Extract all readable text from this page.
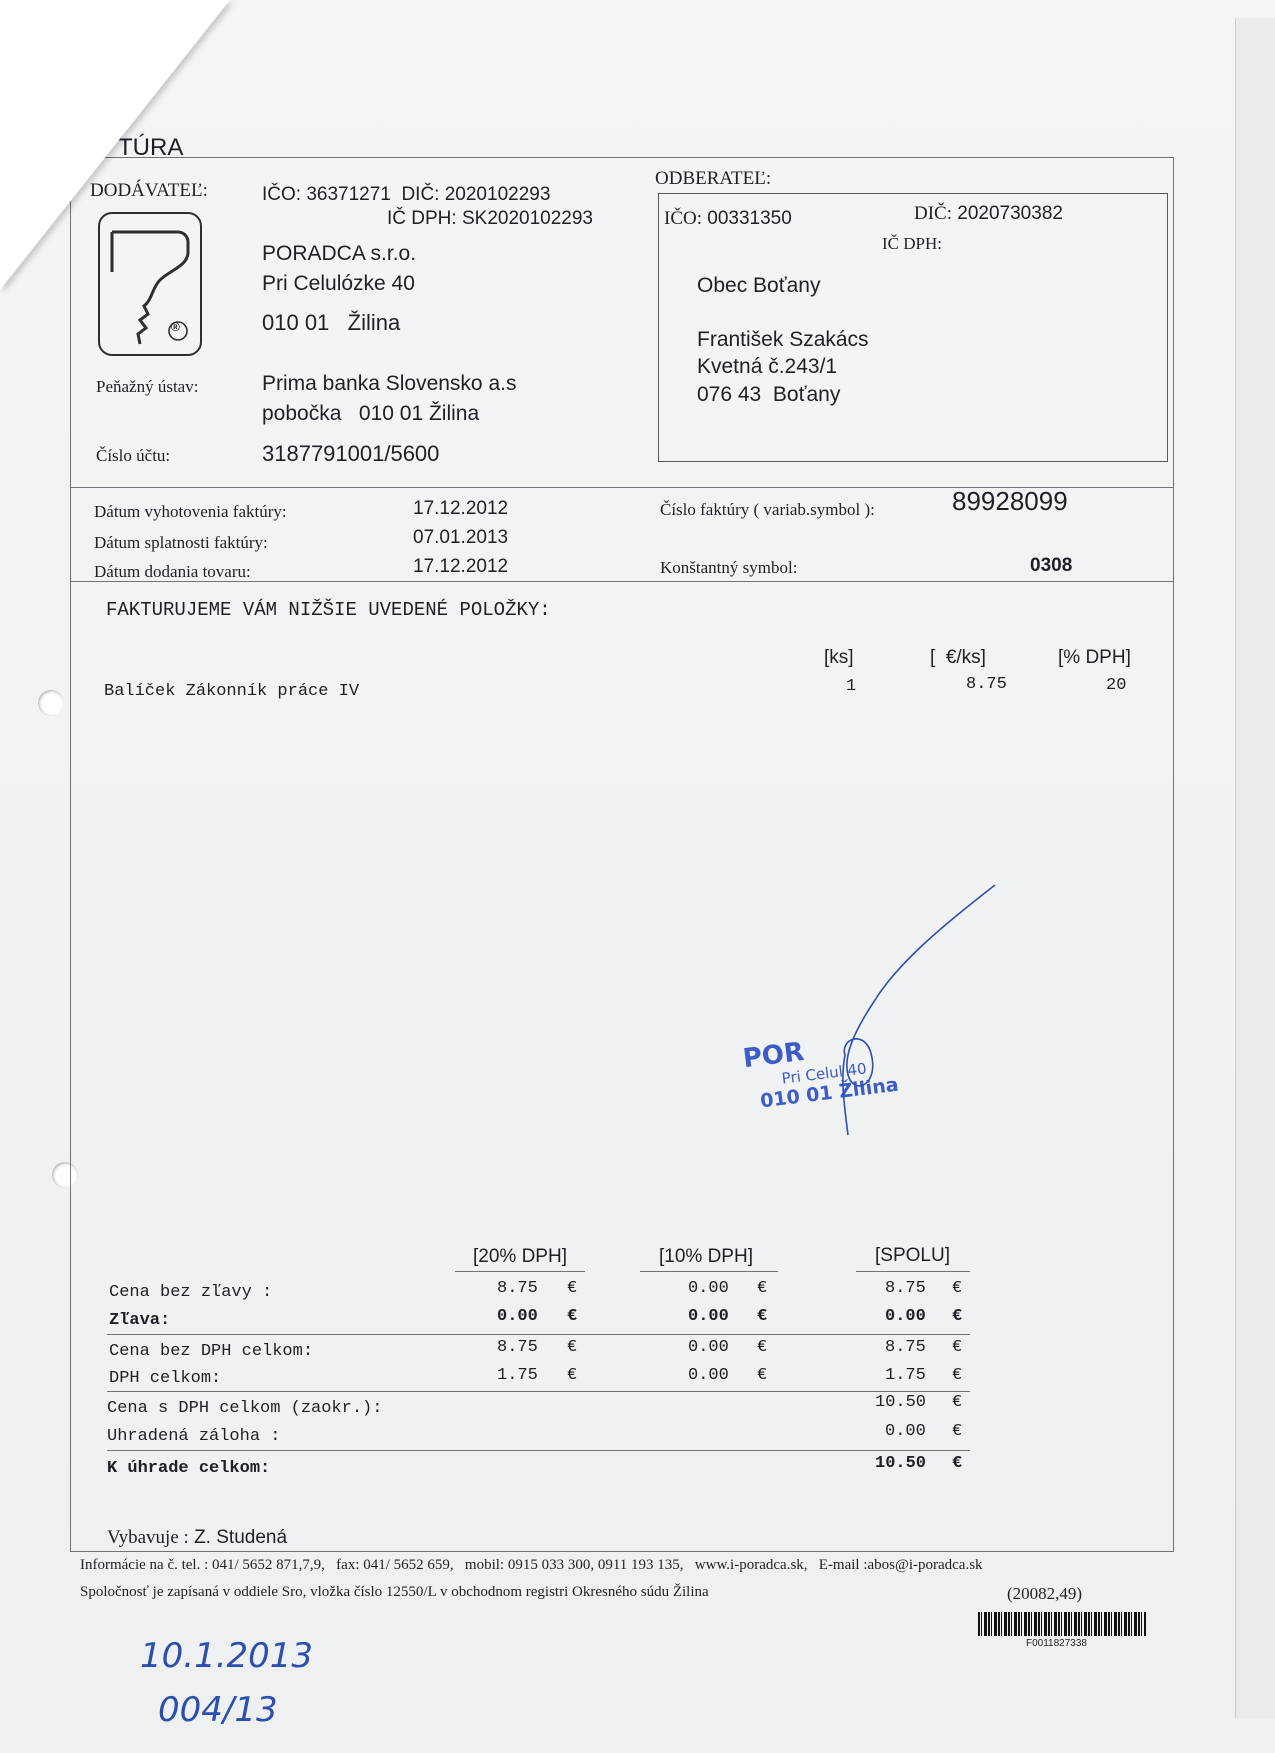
TÚRA
DODÁVATEĽ:	IČO: 36371271 DIČ: 2020102293
IČ DPH: SK2020102293
®
PORADCA s.r.o.
Pri Celulózke 40
010 01   Žilina
Peňažný ústav:	Prima banka Slovensko a.s
pobočka   010 01 Žilina
Číslo účtu:	3187791001/5600
ODBERATEĽ:
IČO: 00331350	DIČ: 2020730382
IČ DPH:
Obec Boťany
František Szakács
Kvetná č.243/1
076 43  Boťany
Dátum vyhotovenia faktúry:	17.12.2012
Dátum splatnosti faktúry:	07.01.2013
Dátum dodania tovaru:	17.12.2012
Číslo faktúry ( variab.symbol ):	89928099
Konštantný symbol:	0308
FAKTURUJEME VÁM NIŽŠIE UVEDENÉ POLOŽKY:
[ks]	[  €/ks]	[% DPH]
Balíček Zákonník práce IV	1	8.75	20
POR
Pri Celul 40
010 01 Žilina
[20% DPH]	[10% DPH]	[SPOLU]
Cena bez zľavy :	8.75 €	0.00 €	8.75 €
Zľava:	0.00 €	0.00 €	0.00 €
Cena bez DPH celkom:	8.75 €	0.00 €	8.75 €
DPH celkom:	1.75 €	0.00 €	1.75 €
Cena s DPH celkom (zaokr.):	10.50 €
Uhradená záloha :	0.00 €
K úhrade celkom:	10.50 €
Vybavuje : Z. Studená
Informácie na č. tel. : 041/ 5652 871,7,9,   fax: 041/ 5652 659,   mobil: 0915 033 300, 0911 193 135,   www.i-poradca.sk,   E-mail :abos@i-poradca.sk
Spoločnosť je zapísaná v oddiele Sro, vložka číslo 12550/L v obchodnom registri Okresného súdu Žilina	(20082,49)
F0011827338
10.1.2013
004/13
